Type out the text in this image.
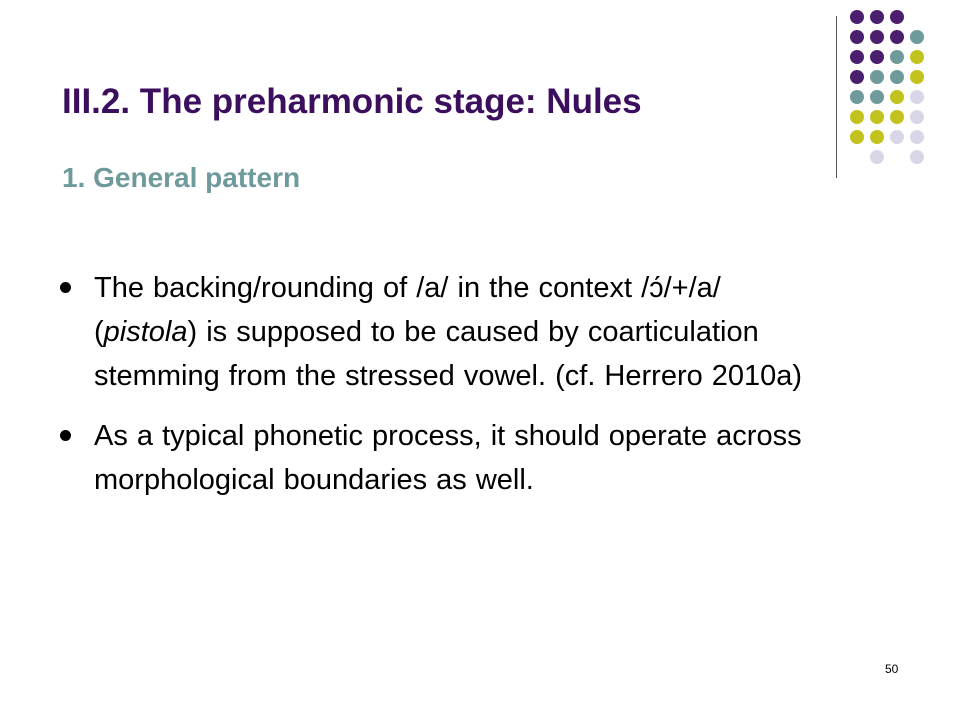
III.2. The preharmonic stage: Nules
1. General pattern
The backing/rounding of /a/ in the context /ɔ́/+/a/ (pistola) is supposed to be caused by coarticulation stemming from the stressed vowel. (cf. Herrero 2010a)
As a typical phonetic process, it should operate across morphological boundaries as well.
50
